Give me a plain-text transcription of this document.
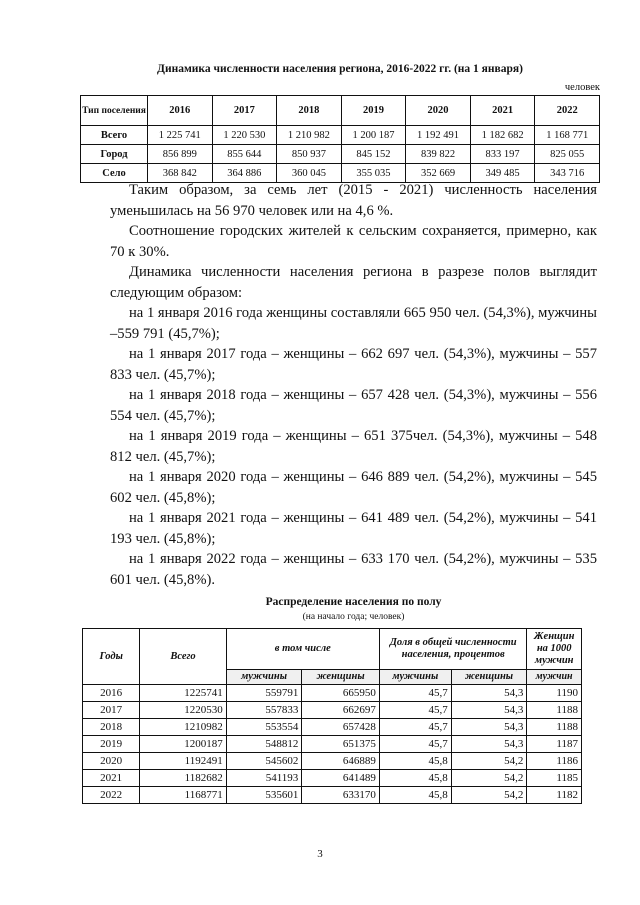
Динамика численности населения региона, 2016-2022 гг. (на 1 января)
человек
Тип поселения	2016	2017	2018	2019	2020	2021	2022
Всего	1 225 741	1 220 530	1 210 982	1 200 187	1 192 491	1 182 682	1 168 771
Город	856 899	855 644	850 937	845 152	839 822	833 197	825 055
Село	368 842	364 886	360 045	355 035	352 669	349 485	343 716

Таким образом, за семь лет (2015 - 2021) численность населения уменьшилась на 56 970 человек или на 4,6 %.

Соотношение городских жителей к сельским сохраняется, примерно, как 70 к 30%.

Динамика численности населения региона в разрезе полов выглядит следующим образом:

на 1 января 2016 года женщины составляли 665 950 чел. (54,3%), мужчины –559 791 (45,7%);

на 1 января 2017 года – женщины – 662 697 чел. (54,3%), мужчины – 557 833 чел. (45,7%);

на 1 января 2018 года – женщины – 657 428 чел. (54,3%), мужчины – 556 554 чел. (45,7%);

на 1 января 2019 года – женщины – 651 375чел. (54,3%), мужчины – 548 812 чел. (45,7%);

на 1 января 2020 года – женщины – 646 889 чел. (54,2%), мужчины – 545 602 чел. (45,8%);

на 1 января 2021 года – женщины – 641 489 чел. (54,2%), мужчины – 541 193 чел. (45,8%);

на 1 января 2022 года – женщины – 633 170 чел. (54,2%), мужчины – 535 601 чел. (45,8%).

Распределение населения по полу
(на начало года; человек)
Годы	Всего	в том числе		Доля в общей численности населения, процентов		Женщин на 1000 мужчин
		мужчины	женщины	мужчины	женщины	мужчин
2016	1225741	559791	665950	45,7	54,3	1190
2017	1220530	557833	662697	45,7	54,3	1188
2018	1210982	553554	657428	45,7	54,3	1188
2019	1200187	548812	651375	45,7	54,3	1187
2020	1192491	545602	646889	45,8	54,2	1186
2021	1182682	541193	641489	45,8	54,2	1185
2022	1168771	535601	633170	45,8	54,2	1182
3
